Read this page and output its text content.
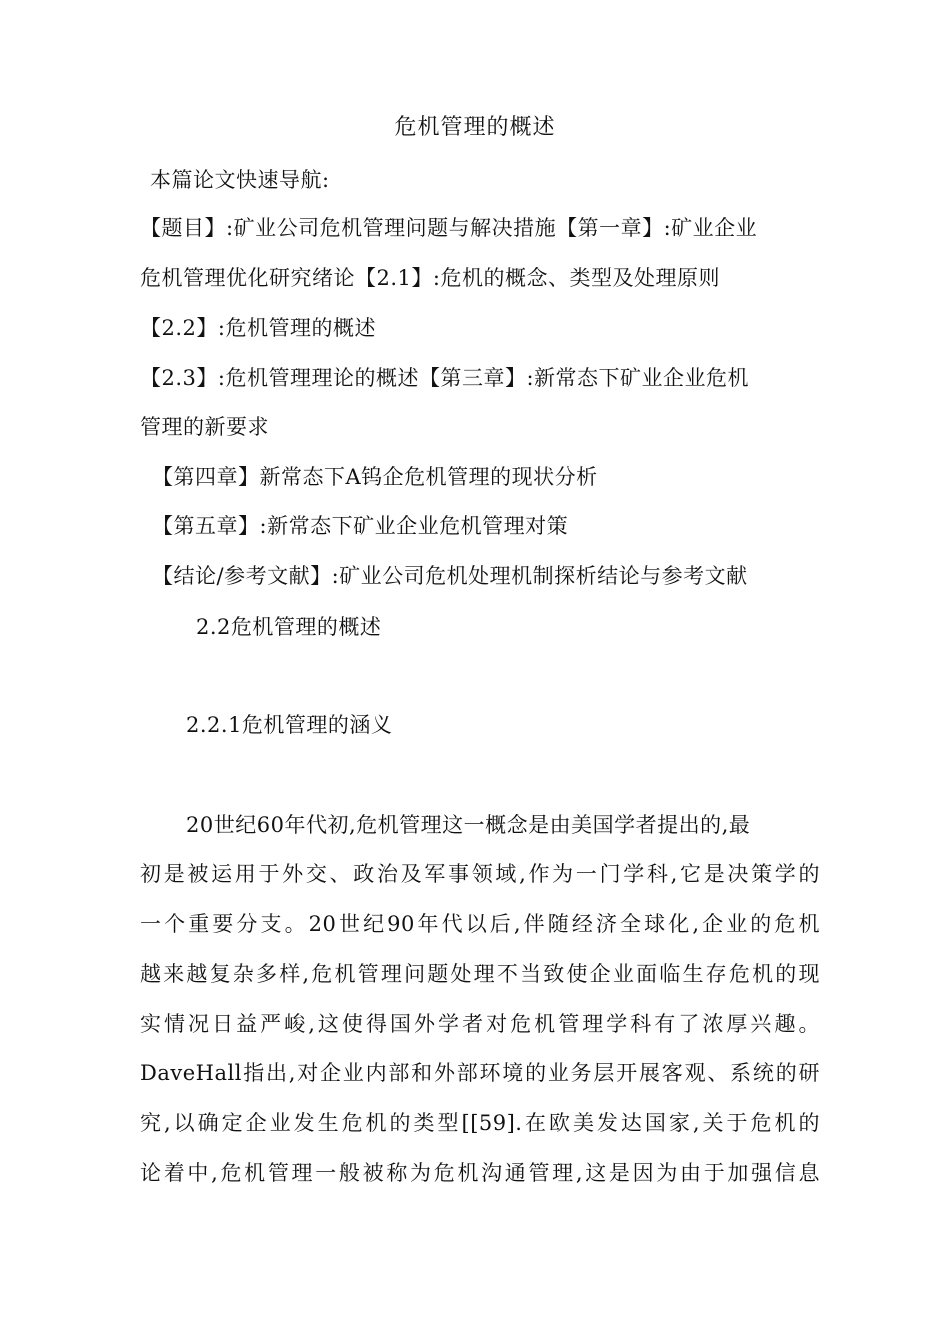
危机管理的概述
本篇论文快速导航:
【题目】:矿业公司危机管理问题与解决措施【第一章】:矿业企业
危机管理优化研究绪论【2.1】:危机的概念、类型及处理原则
【2.2】:危机管理的概述
【2.3】:危机管理理论的概述【第三章】:新常态下矿业企业危机
管理的新要求
【第四章】新常态下A钨企危机管理的现状分析
【第五章】:新常态下矿业企业危机管理对策
【结论/参考文献】:矿业公司危机处理机制探析结论与参考文献
2.2危机管理的概述
2.2.1危机管理的涵义
20世纪60年代初,危机管理这一概念是由美国学者提出的,最
初是被运用于外交、政治及军事领域,作为一门学科,它是决策学的
一个重要分支。20世纪90年代以后,伴随经济全球化,企业的危机
越来越复杂多样,危机管理问题处理不当致使企业面临生存危机的现
实情况日益严峻,这使得国外学者对危机管理学科有了浓厚兴趣。
DaveHall指出,对企业内部和外部环境的业务层开展客观、系统的研
究,以确定企业发生危机的类型[[59].在欧美发达国家,关于危机的
论着中,危机管理一般被称为危机沟通管理,这是因为由于加强信息
